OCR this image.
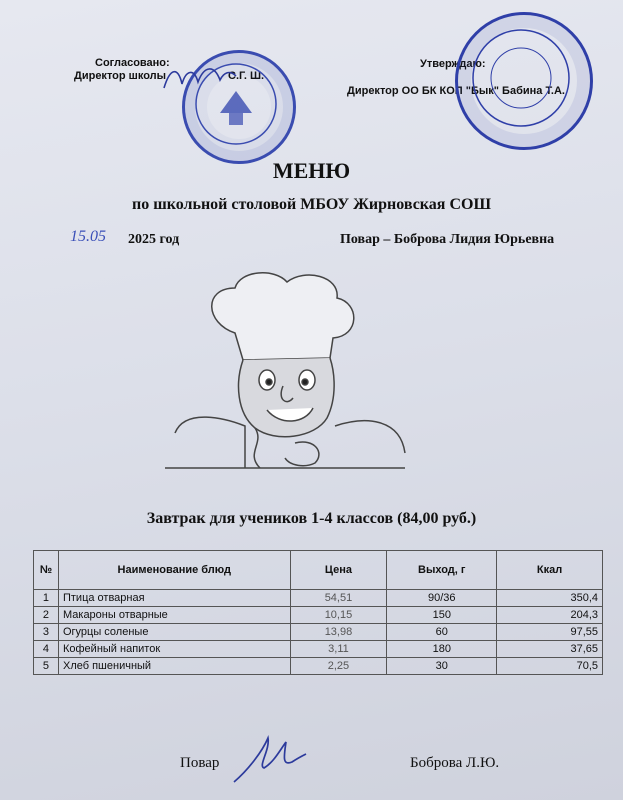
Согласовано:
Директор школы	С.Г. Ш.
Утверждаю:
Директор ОО БК КОП "Бык" Бабина Т.А.
МЕНЮ
по школьной столовой МБОУ Жирновская СОШ
15.05 2025 год	Повар – Боброва Лидия Юрьевна
Завтрак для учеников 1-4 классов (84,00 руб.)
№	Наименование блюд	Цена	Выход, г	Ккал
1	Птица отварная	54,51	90/36	350,4
2	Макароны отварные	10,15	150	204,3
3	Огурцы соленые	13,98	60	97,55
4	Кофейный напиток	3,11	180	37,65
5	Хлеб пшеничный	2,25	30	70,5
Повар	Боброва Л.Ю.
